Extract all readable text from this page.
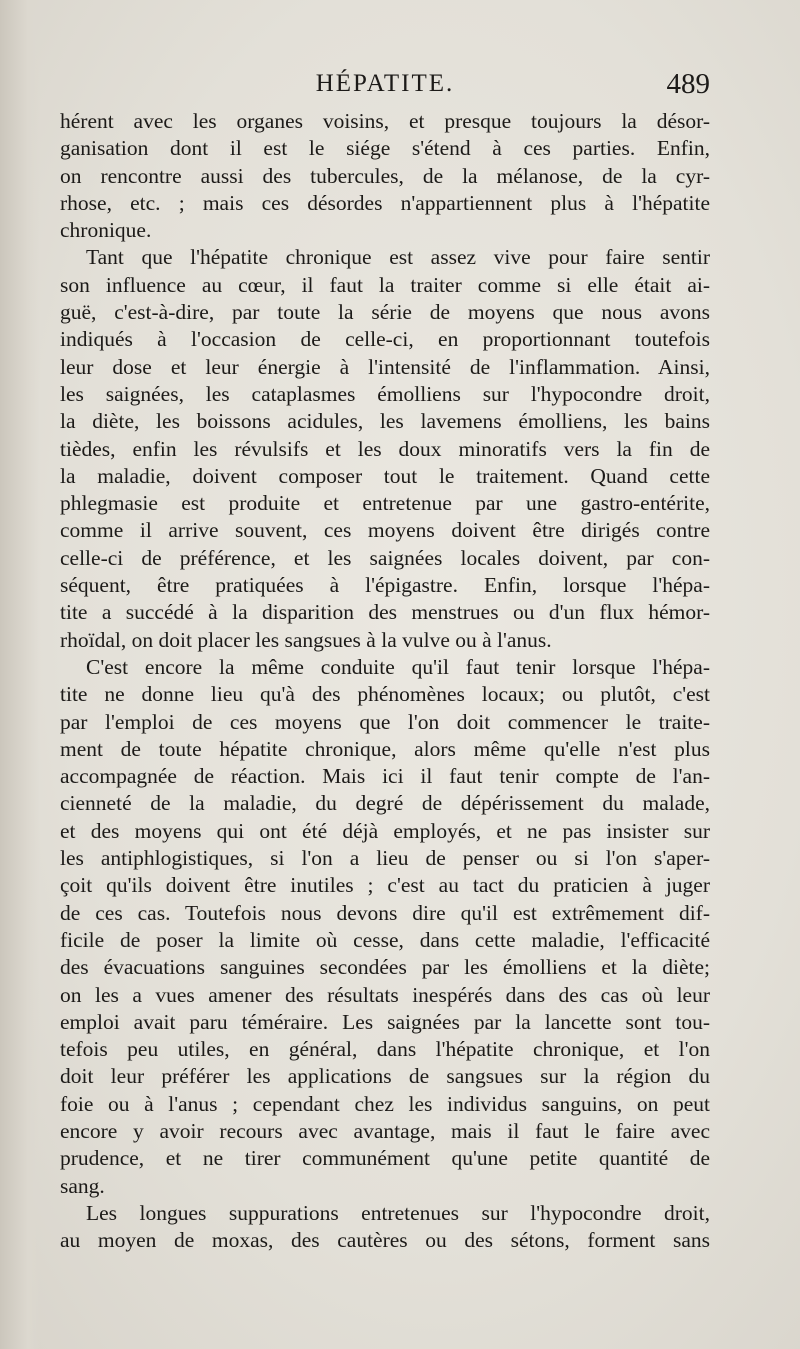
HÉPATITE.	489
hérent avec les organes voisins, et presque toujours la désor-
ganisation dont il est le siége s'étend à ces parties. Enfin,
on rencontre aussi des tubercules, de la mélanose, de la cyr-
rhose, etc. ; mais ces désordes n'appartiennent plus à l'hépatite
chronique.
Tant que l'hépatite chronique est assez vive pour faire sentir
son influence au cœur, il faut la traiter comme si elle était ai-
guë, c'est-à-dire, par toute la série de moyens que nous avons
indiqués à l'occasion de celle-ci, en proportionnant toutefois
leur dose et leur énergie à l'intensité de l'inflammation. Ainsi,
les saignées, les cataplasmes émolliens sur l'hypocondre droit,
la diète, les boissons acidules, les lavemens émolliens, les bains
tièdes, enfin les révulsifs et les doux minoratifs vers la fin de
la maladie, doivent composer tout le traitement. Quand cette
phlegmasie est produite et entretenue par une gastro-entérite,
comme il arrive souvent, ces moyens doivent être dirigés contre
celle-ci de préférence, et les saignées locales doivent, par con-
séquent, être pratiquées à l'épigastre. Enfin, lorsque l'hépa-
tite a succédé à la disparition des menstrues ou d'un flux hémor-
rhoïdal, on doit placer les sangsues à la vulve ou à l'anus.
C'est encore la même conduite qu'il faut tenir lorsque l'hépa-
tite ne donne lieu qu'à des phénomènes locaux; ou plutôt, c'est
par l'emploi de ces moyens que l'on doit commencer le traite-
ment de toute hépatite chronique, alors même qu'elle n'est plus
accompagnée de réaction. Mais ici il faut tenir compte de l'an-
cienneté de la maladie, du degré de dépérissement du malade,
et des moyens qui ont été déjà employés, et ne pas insister sur
les antiphlogistiques, si l'on a lieu de penser ou si l'on s'aper-
çoit qu'ils doivent être inutiles ; c'est au tact du praticien à juger
de ces cas. Toutefois nous devons dire qu'il est extrêmement dif-
ficile de poser la limite où cesse, dans cette maladie, l'efficacité
des évacuations sanguines secondées par les émolliens et la diète;
on les a vues amener des résultats inespérés dans des cas où leur
emploi avait paru téméraire. Les saignées par la lancette sont tou-
tefois peu utiles, en général, dans l'hépatite chronique, et l'on
doit leur préférer les applications de sangsues sur la région du
foie ou à l'anus ; cependant chez les individus sanguins, on peut
encore y avoir recours avec avantage, mais il faut le faire avec
prudence, et ne tirer communément qu'une petite quantité de
sang.
Les longues suppurations entretenues sur l'hypocondre droit,
au moyen de moxas, des cautères ou des sétons, forment sans
